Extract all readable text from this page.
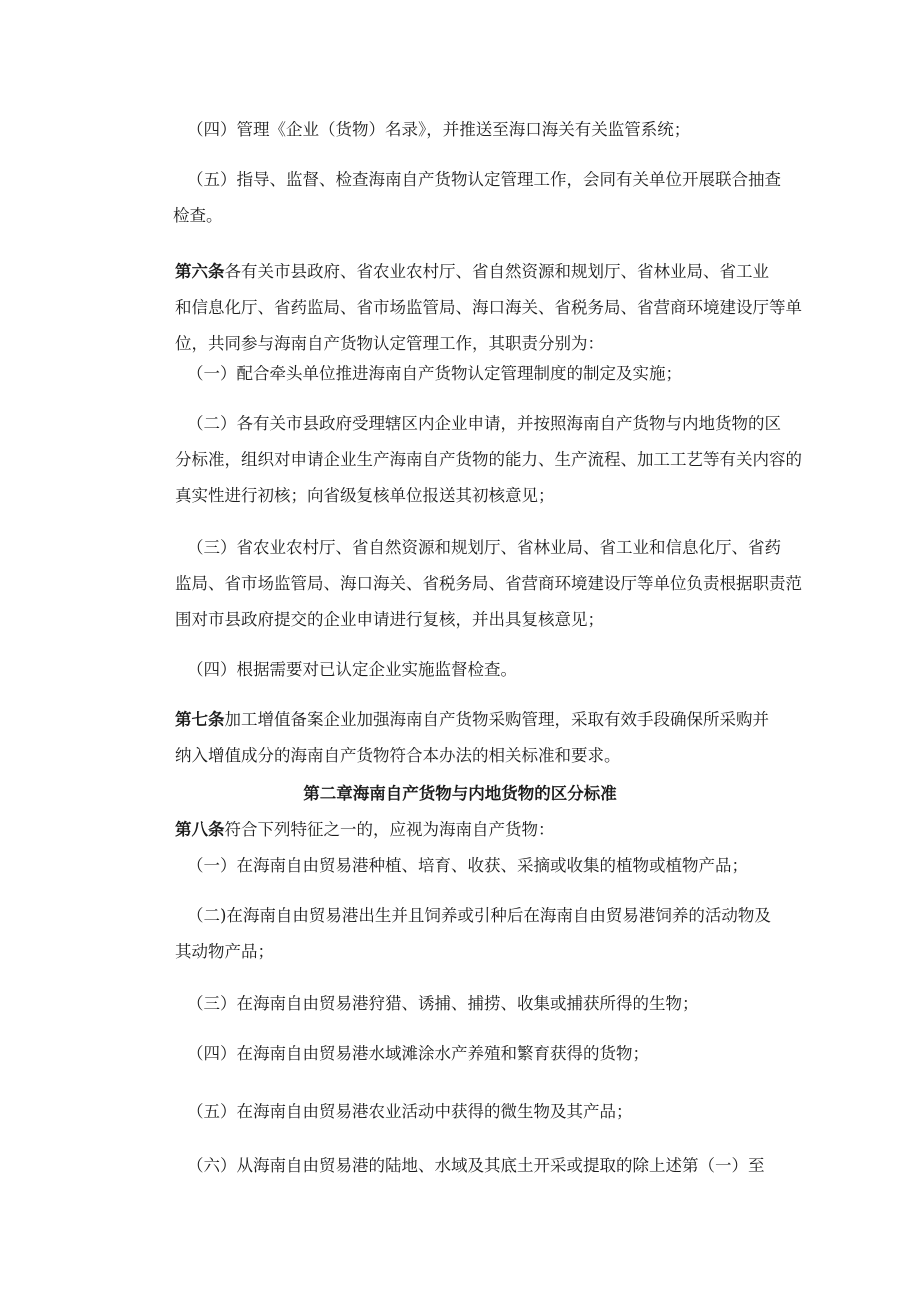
（四）管理《企业（货物）名录》，并推送至海口海关有关监管系统；

（五）指导、监督、检查海南自产货物认定管理工作，会同有关单位开展联合抽查
检查。

第六条各有关市县政府、省农业农村厅、省自然资源和规划厅、省林业局、省工业
和信息化厅、省药监局、省市场监管局、海口海关、省税务局、省营商环境建设厅等单
位，共同参与海南自产货物认定管理工作，其职责分别为：

（一）配合牵头单位推进海南自产货物认定管理制度的制定及实施；

（二）各有关市县政府受理辖区内企业申请，并按照海南自产货物与内地货物的区
分标准，组织对申请企业生产海南自产货物的能力、生产流程、加工工艺等有关内容的
真实性进行初核；向省级复核单位报送其初核意见；

（三）省农业农村厅、省自然资源和规划厅、省林业局、省工业和信息化厅、省药
监局、省市场监管局、海口海关、省税务局、省营商环境建设厅等单位负责根据职责范
围对市县政府提交的企业申请进行复核，并出具复核意见；

（四）根据需要对已认定企业实施监督检查。

第七条加工增值备案企业加强海南自产货物采购管理，采取有效手段确保所采购并
纳入增值成分的海南自产货物符合本办法的相关标准和要求。

第二章海南自产货物与内地货物的区分标准

第八条符合下列特征之一的，应视为海南自产货物：

（一）在海南自由贸易港种植、培育、收获、采摘或收集的植物或植物产品；

（二)在海南自由贸易港出生并且饲养或引种后在海南自由贸易港饲养的活动物及
其动物产品；

（三）在海南自由贸易港狩猎、诱捕、捕捞、收集或捕获所得的生物；

（四）在海南自由贸易港水域滩涂水产养殖和繁育获得的货物；

（五）在海南自由贸易港农业活动中获得的微生物及其产品；

（六）从海南自由贸易港的陆地、水域及其底土开采或提取的除上述第（一）至
